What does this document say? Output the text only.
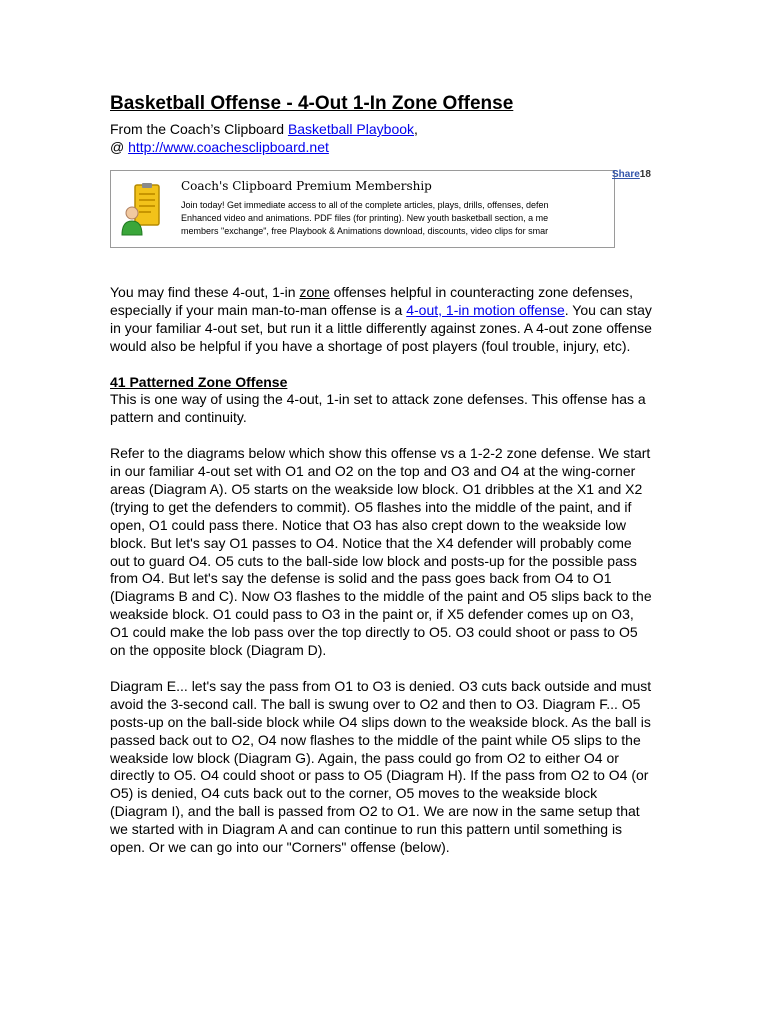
Basketball Offense - 4-Out 1-In Zone Offense
From the Coach’s Clipboard Basketball Playbook,
@ http://www.coachesclipboard.net
Coach's Clipboard Premium Membership
Join today! Get immediate access to all of the complete articles, plays, drills, offenses, defen
Enhanced video and animations. PDF files (for printing). New youth basketball section, a me
members "exchange", free Playbook & Animations download, discounts, video clips for smar
Share18

You may find these 4-out, 1-in zone offenses helpful in counteracting zone defenses, especially if your main man-to-man offense is a 4-out, 1-in motion offense. You can stay in your familiar 4-out set, but run it a little differently against zones. A 4-out zone offense would also be helpful if you have a shortage of post players (foul trouble, injury, etc).

41 Patterned Zone Offense

This is one way of using the 4-out, 1-in set to attack zone defenses. This offense has a pattern and continuity.

Refer to the diagrams below which show this offense vs a 1-2-2 zone defense. We start in our familiar 4-out set with O1 and O2 on the top and O3 and O4 at the wing-corner areas (Diagram A). O5 starts on the weakside low block. O1 dribbles at the X1 and X2 (trying to get the defenders to commit). O5 flashes into the middle of the paint, and if open, O1 could pass there. Notice that O3 has also crept down to the weakside low block. But let's say O1 passes to O4. Notice that the X4 defender will probably come out to guard O4. O5 cuts to the ball-side low block and posts-up for the possible pass from O4. But let's say the defense is solid and the pass goes back from O4 to O1 (Diagrams B and C). Now O3 flashes to the middle of the paint and O5 slips back to the weakside block. O1 could pass to O3 in the paint or, if X5 defender comes up on O3, O1 could make the lob pass over the top directly to O5. O3 could shoot or pass to O5 on the opposite block (Diagram D).

Diagram E... let's say the pass from O1 to O3 is denied. O3 cuts back outside and must avoid the 3-second call. The ball is swung over to O2 and then to O3. Diagram F... O5 posts-up on the ball-side block while O4 slips down to the weakside block. As the ball is passed back out to O2, O4 now flashes to the middle of the paint while O5 slips to the weakside low block (Diagram G). Again, the pass could go from O2 to either O4 or directly to O5. O4 could shoot or pass to O5 (Diagram H). If the pass from O2 to O4 (or O5) is denied, O4 cuts back out to the corner, O5 moves to the weakside block (Diagram I), and the ball is passed from O2 to O1. We are now in the same setup that we started with in Diagram A and can continue to run this pattern until something is open. Or we can go into our "Corners" offense (below).
